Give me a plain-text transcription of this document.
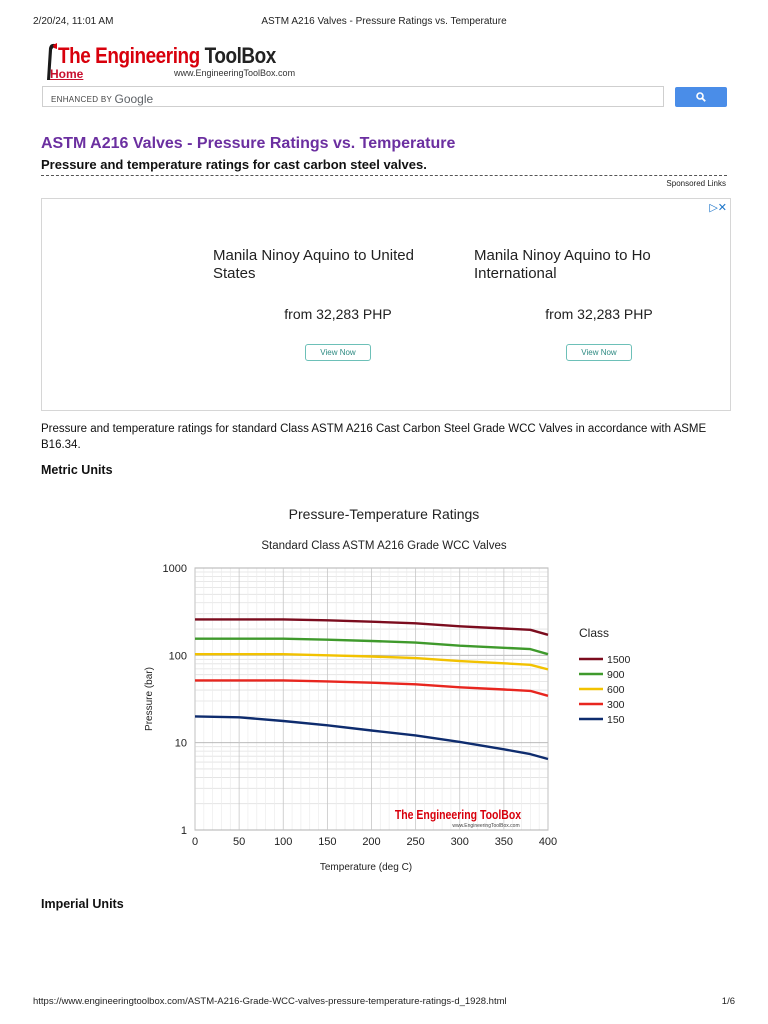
2/20/24, 11:01 AM	ASTM A216 Valves - Pressure Ratings vs. Temperature
The Engineering ToolBox
Home	www.EngineeringToolBox.com
ENHANCED BY Google
ASTM A216 Valves - Pressure Ratings vs. Temperature
Pressure and temperature ratings for cast carbon steel valves.
Sponsored Links
▷✕
Manila Ninoy Aquino to United States
from 32,283 PHP
View Now
Manila Ninoy Aquino to Ho International
from 32,283 PHP
View Now

Pressure and temperature ratings for standard Class ASTM A216 Cast Carbon Steel Grade WCC Valves in accordance with ASME B16.34.

Metric Units
Pressure-Temperature Ratings
Standard Class ASTM A216 Grade WCC Valves
1
10
100
1000
0	50	100 150 200 250 300 350 400
Temperature (deg C)
Pressure (bar)
Class
1500
900
600
300
150
The Engineering ToolBox
www.EngineeringToolBox.com
Imperial Units
https://www.engineeringtoolbox.com/ASTM-A216-Grade-WCC-valves-pressure-temperature-ratings-d_1928.html	1/6
